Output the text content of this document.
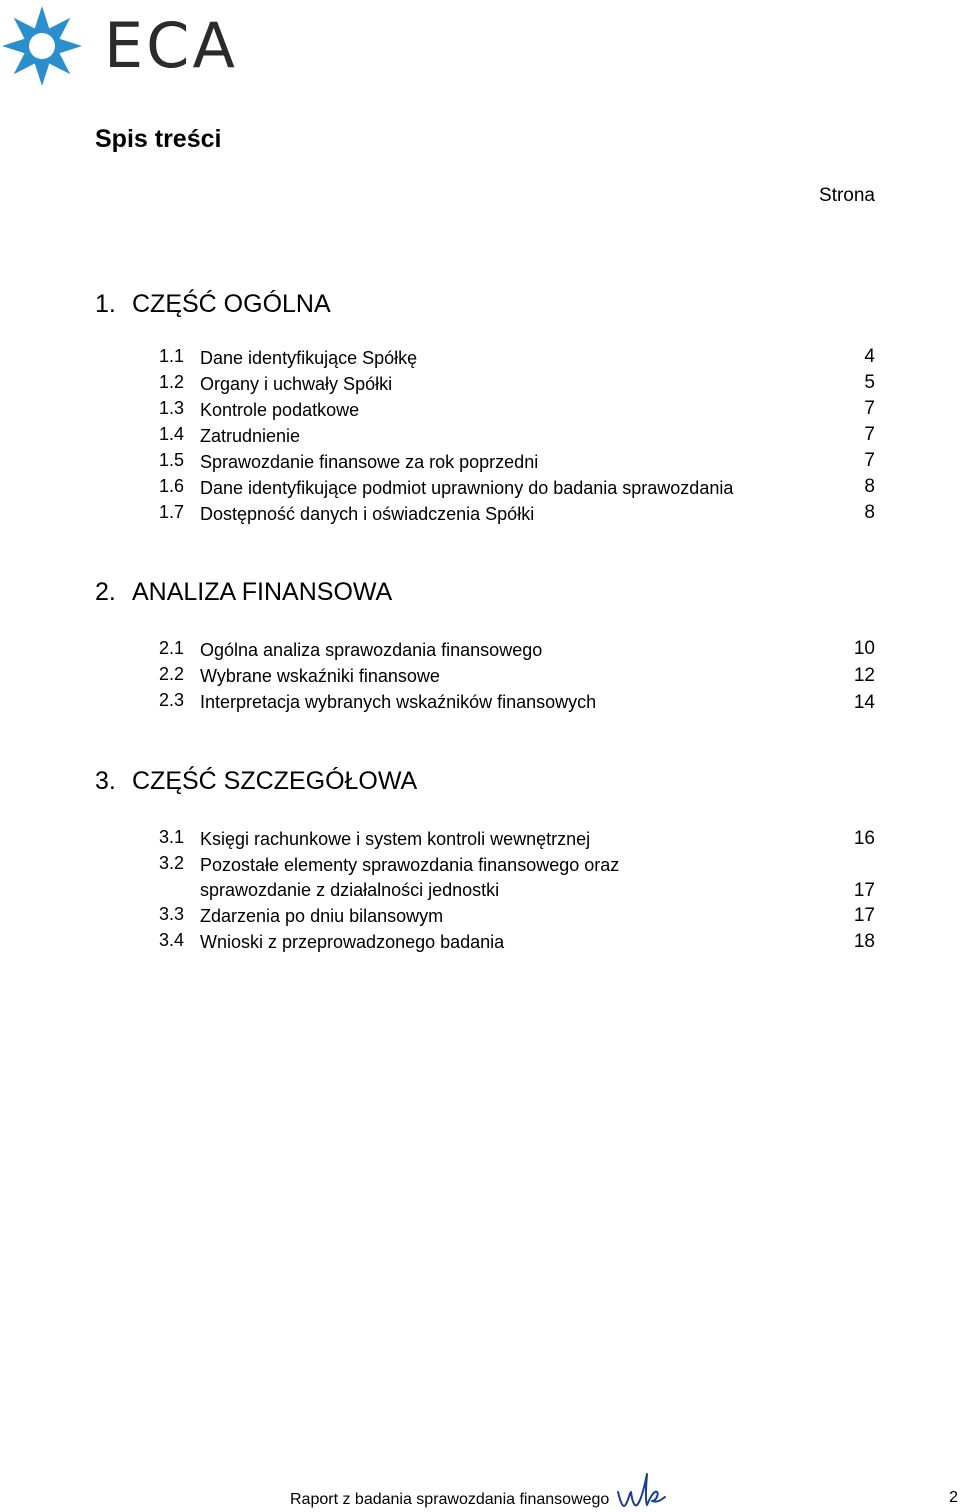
ECA
Spis treści
Strona
1. CZĘŚĆ OGÓLNA
1.1 Dane identyfikujące Spółkę	4
1.2 Organy i uchwały Spółki	5
1.3 Kontrole podatkowe	7
1.4 Zatrudnienie	7
1.5 Sprawozdanie finansowe za rok poprzedni	7
1.6 Dane identyfikujące podmiot uprawniony do badania sprawozdania	8
1.7 Dostępność danych i oświadczenia Spółki	8
2. ANALIZA FINANSOWA
2.1 Ogólna analiza sprawozdania finansowego	10
2.2 Wybrane wskaźniki finansowe	12
2.3 Interpretacja wybranych wskaźników finansowych	14
3. CZĘŚĆ SZCZEGÓŁOWA
3.1 Księgi rachunkowe i system kontroli wewnętrznej	16
3.2 Pozostałe elementy sprawozdania finansowego oraz sprawozdanie z działalności jednostki	17
3.3 Zdarzenia po dniu bilansowym	17
3.4 Wnioski z przeprowadzonego badania	18
Raport z badania sprawozdania finansowego	2
